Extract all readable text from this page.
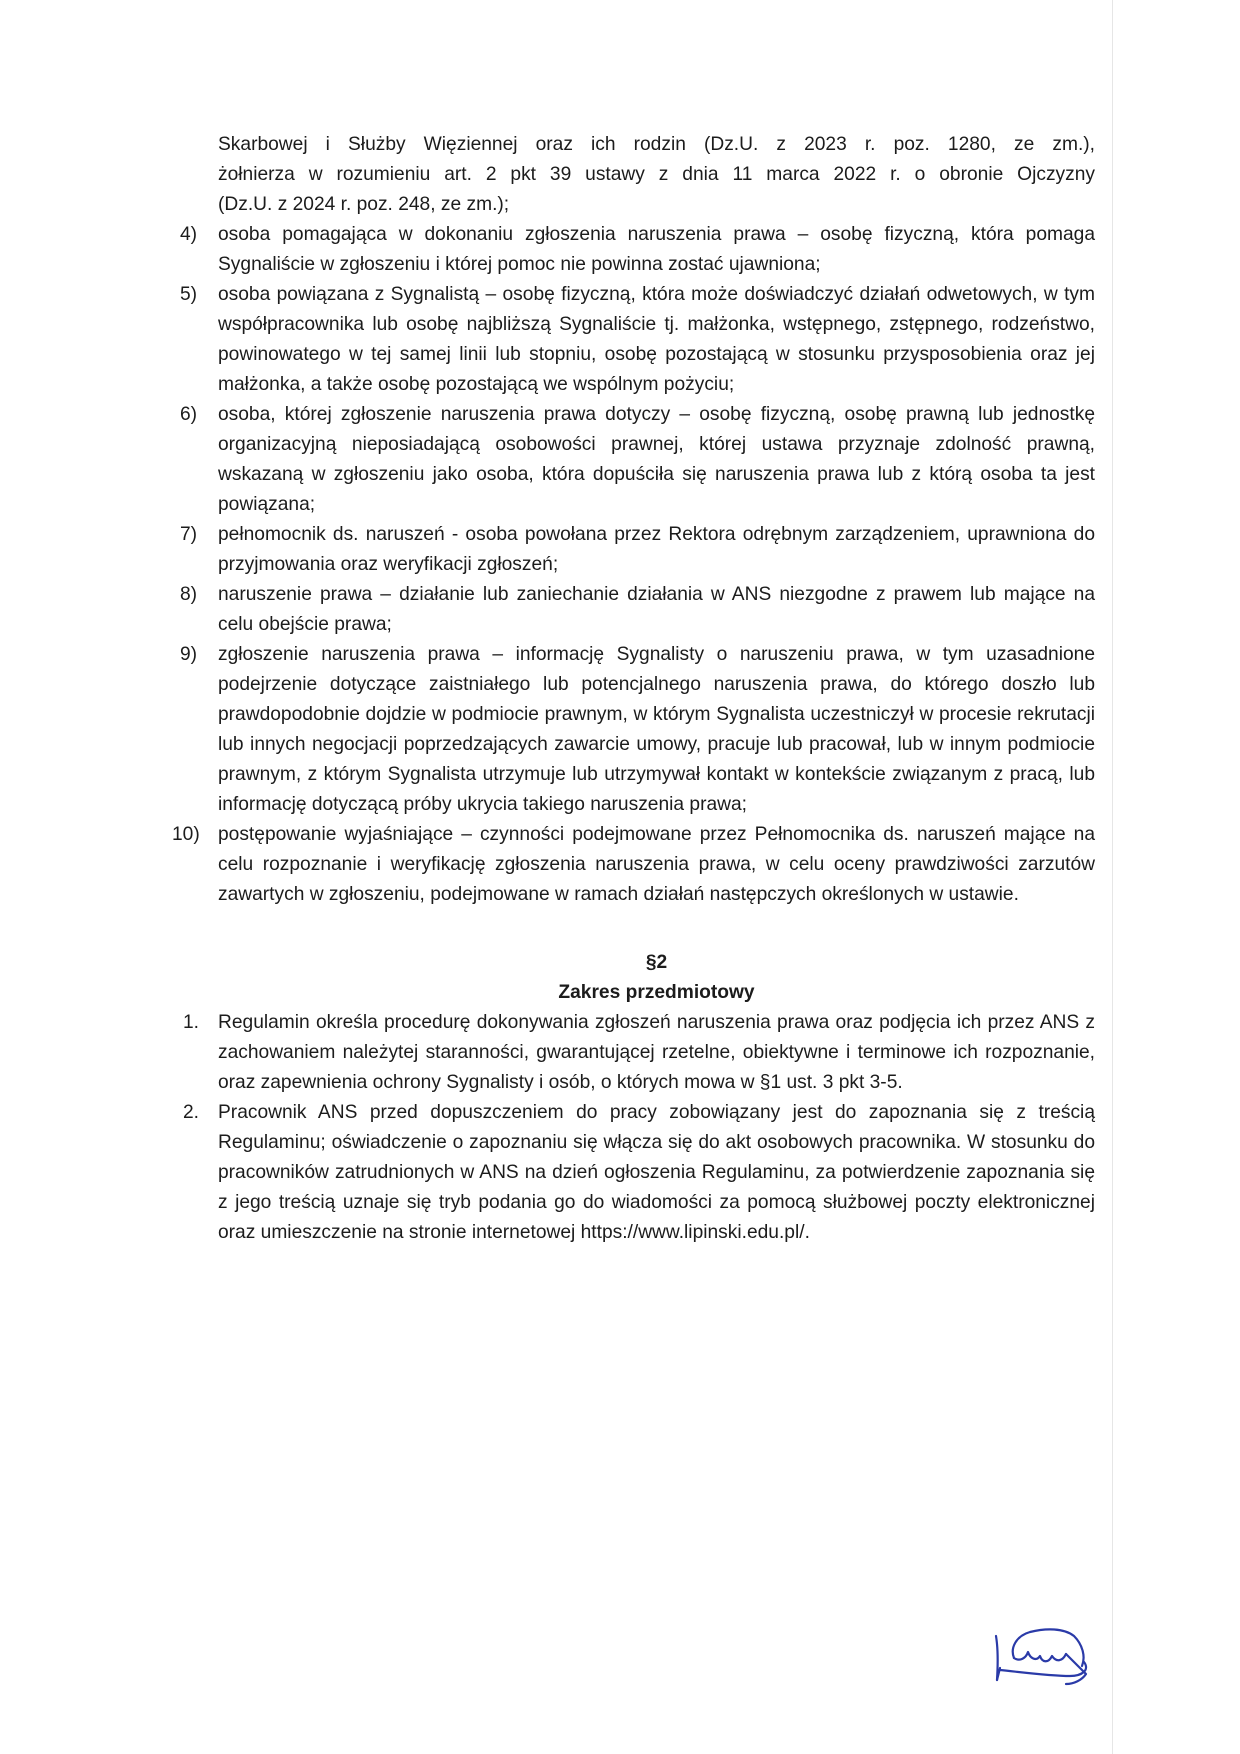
Skarbowej i Służby Więziennej oraz ich rodzin (Dz.U. z 2023 r. poz. 1280, ze zm.),
żołnierza w rozumieniu art. 2 pkt 39 ustawy z dnia 11 marca 2022 r. o obronie Ojczyzny
(Dz.U. z 2024 r. poz. 248, ze zm.);
4)	osoba pomagająca w dokonaniu zgłoszenia naruszenia prawa – osobę fizyczną, która pomaga Sygnaliście w zgłoszeniu i której pomoc nie powinna zostać ujawniona;
5)	osoba powiązana z Sygnalistą – osobę fizyczną, która może doświadczyć działań odwetowych, w tym współpracownika lub osobę najbliższą Sygnaliście tj. małżonka, wstępnego, zstępnego, rodzeństwo, powinowatego w tej samej linii lub stopniu, osobę pozostającą w stosunku przysposobienia oraz jej małżonka, a także osobę pozostającą we wspólnym pożyciu;
6)	osoba, której zgłoszenie naruszenia prawa dotyczy – osobę fizyczną, osobę prawną lub jednostkę organizacyjną nieposiadającą osobowości prawnej, której ustawa przyznaje zdolność prawną, wskazaną w zgłoszeniu jako osoba, która dopuściła się naruszenia prawa lub z którą osoba ta jest powiązana;
7)	pełnomocnik ds. naruszeń - osoba powołana przez Rektora odrębnym zarządzeniem, uprawniona do przyjmowania oraz weryfikacji zgłoszeń;
8)	naruszenie prawa – działanie lub zaniechanie działania w ANS niezgodne z prawem lub mające na celu obejście prawa;
9)	zgłoszenie naruszenia prawa – informację Sygnalisty o naruszeniu prawa, w tym uzasadnione podejrzenie dotyczące zaistniałego lub potencjalnego naruszenia prawa, do którego doszło lub prawdopodobnie dojdzie w podmiocie prawnym, w którym Sygnalista uczestniczył w procesie rekrutacji lub innych negocjacji poprzedzających zawarcie umowy, pracuje lub pracował, lub w innym podmiocie prawnym, z którym Sygnalista utrzymuje lub utrzymywał kontakt w kontekście związanym z pracą, lub informację dotyczącą próby ukrycia takiego naruszenia prawa;
10) postępowanie wyjaśniające – czynności podejmowane przez Pełnomocnika ds. naruszeń mające na celu rozpoznanie i weryfikację zgłoszenia naruszenia prawa, w celu oceny prawdziwości zarzutów zawartych w zgłoszeniu, podejmowane w ramach działań następczych określonych w ustawie.

§2

Zakres przedmiotowy

1. Regulamin określa procedurę dokonywania zgłoszeń naruszenia prawa oraz podjęcia ich przez ANS z zachowaniem należytej staranności, gwarantującej rzetelne, obiektywne i terminowe ich rozpoznanie, oraz zapewnienia ochrony Sygnalisty i osób, o których mowa w §1 ust. 3 pkt 3-5.
2. Pracownik ANS przed dopuszczeniem do pracy zobowiązany jest do zapoznania się z treścią Regulaminu; oświadczenie o zapoznaniu się włącza się do akt osobowych pracownika. W stosunku do pracowników zatrudnionych w ANS na dzień ogłoszenia Regulaminu, za potwierdzenie zapoznania się z jego treścią uznaje się tryb podania go do wiadomości za pomocą służbowej poczty elektronicznej oraz umieszczenie na stronie internetowej https://www.lipinski.edu.pl/.
